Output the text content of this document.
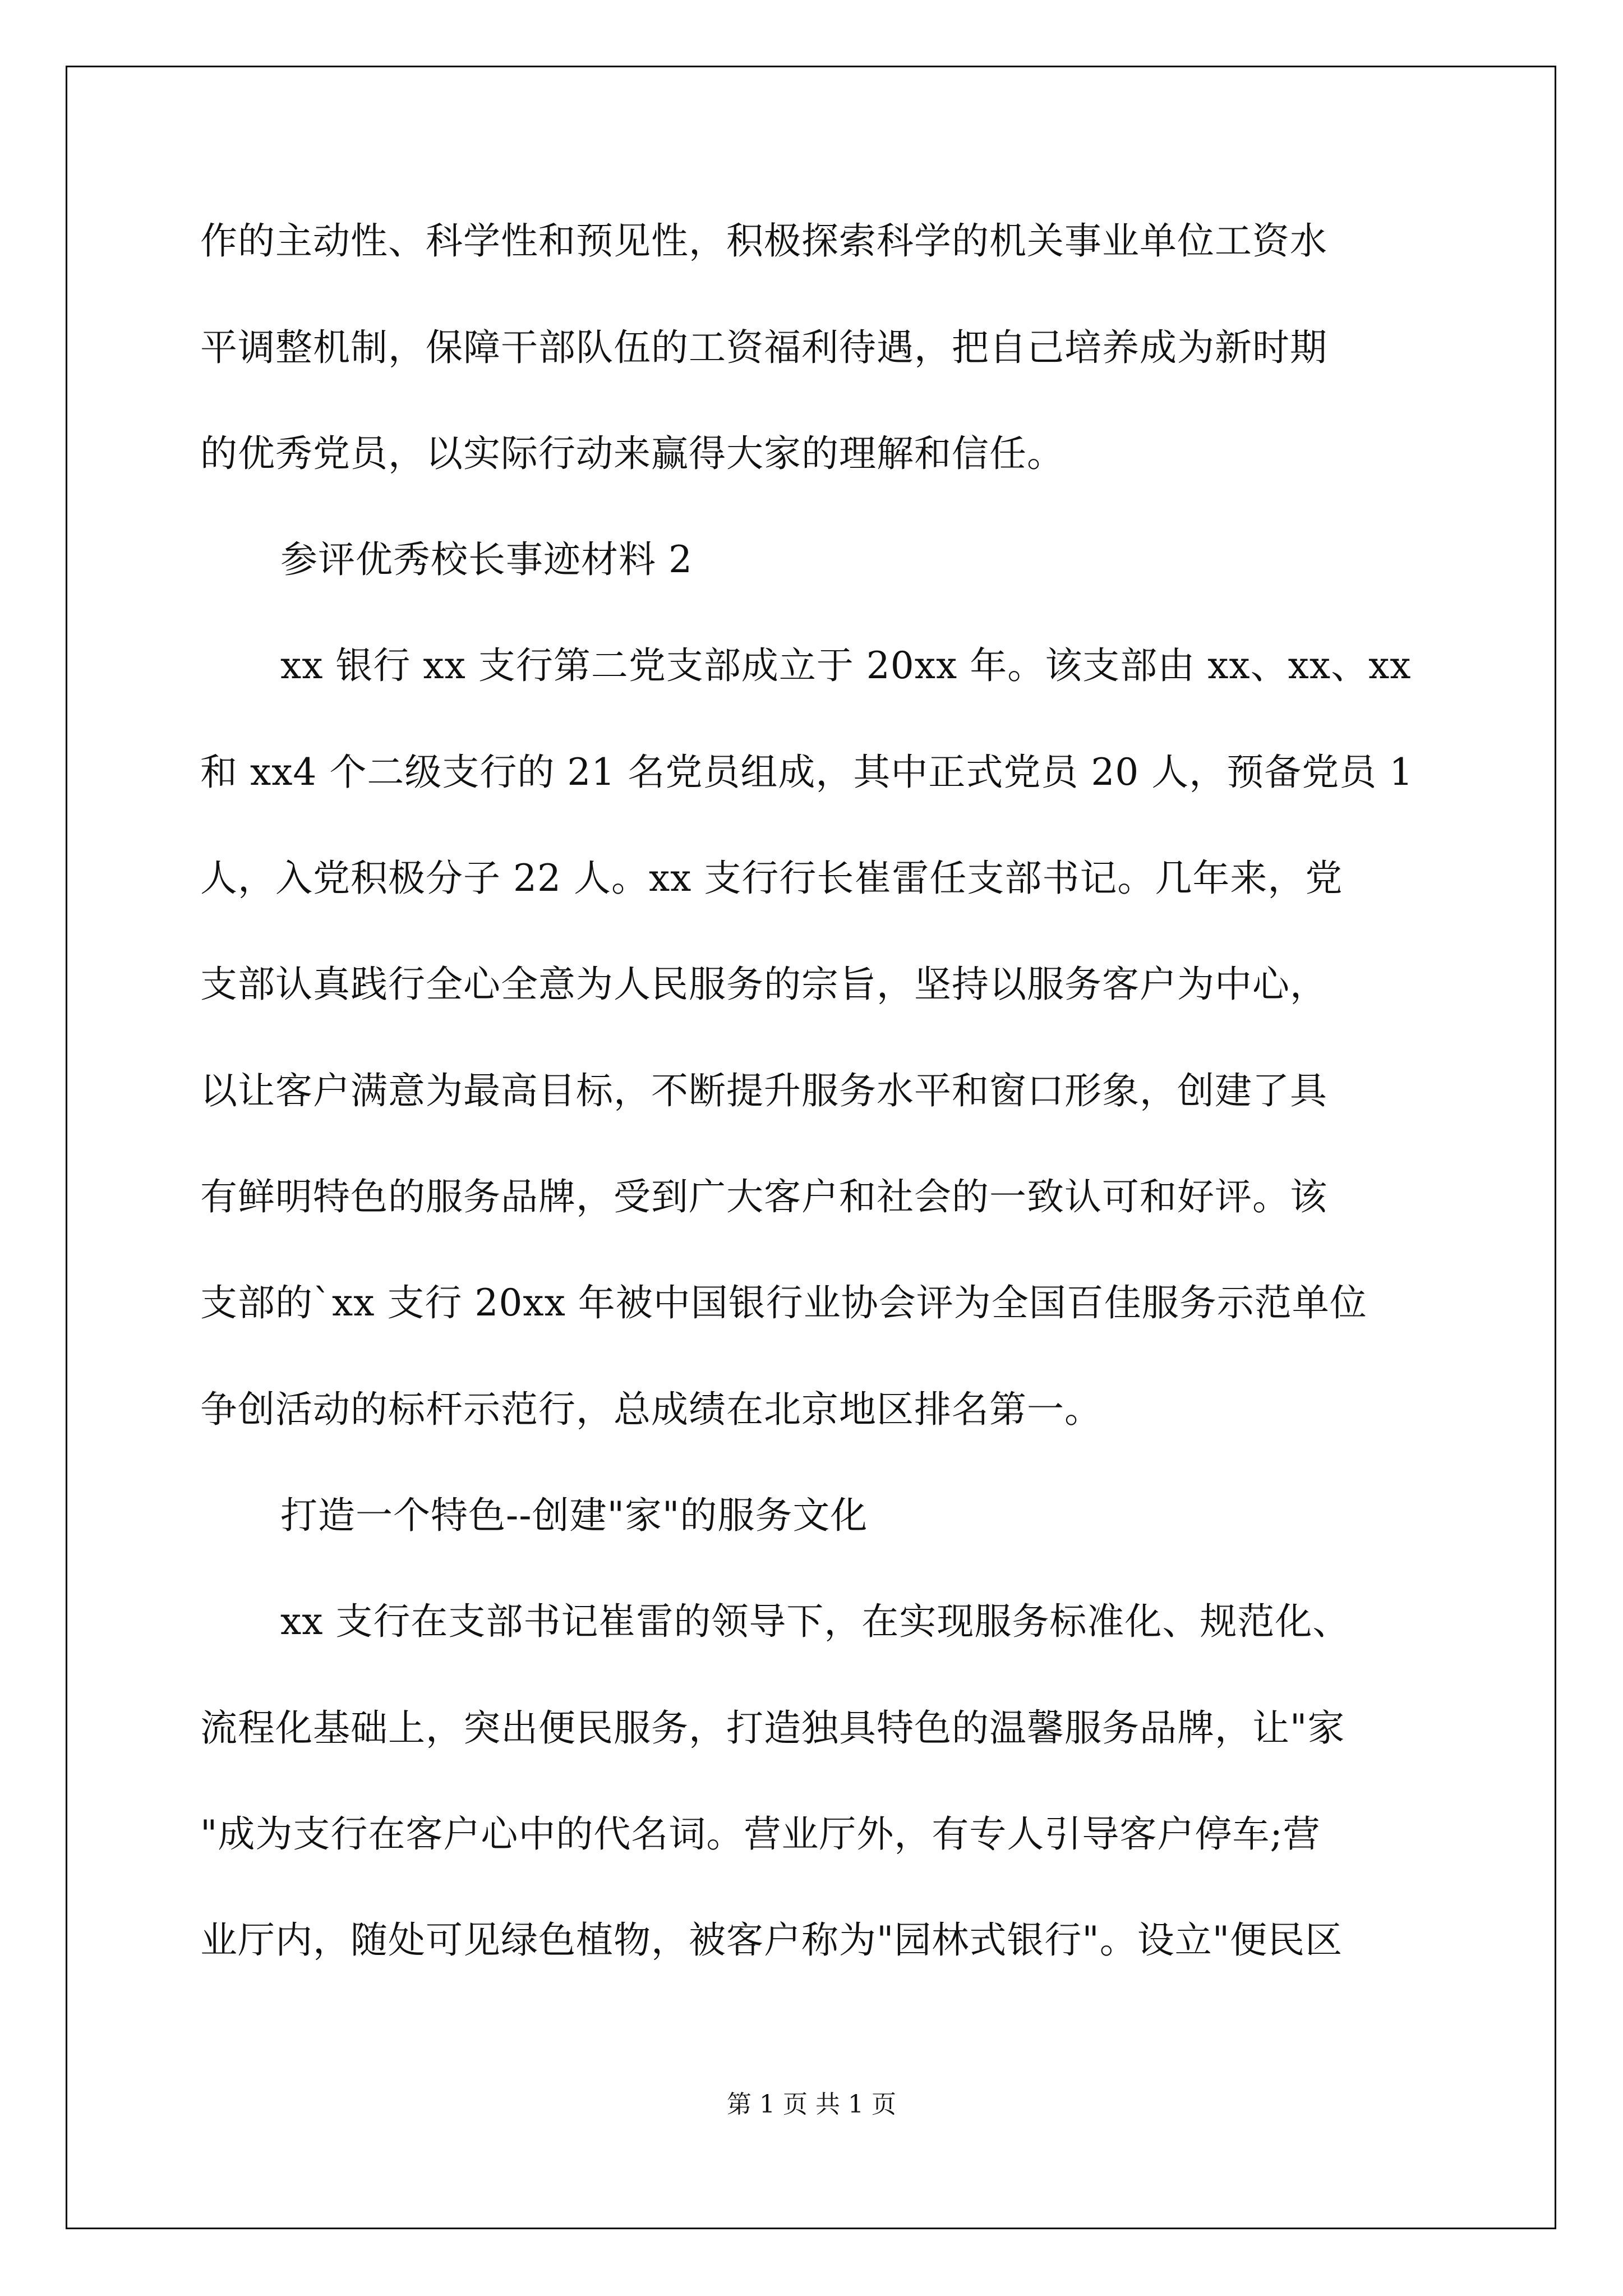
作的主动性、科学性和预见性，积极探索科学的机关事业单位工资水
平调整机制，保障干部队伍的工资福利待遇，把自己培养成为新时期
的优秀党员，以实际行动来赢得大家的理解和信任。
参评优秀校长事迹材料 2
xx 银行 xx 支行第二党支部成立于 20xx 年。该支部由 xx、xx、xx
和 xx4 个二级支行的 21 名党员组成，其中正式党员 20 人，预备党员 1
人，入党积极分子 22 人。xx 支行行长崔雷任支部书记。几年来，党
支部认真践行全心全意为人民服务的宗旨，坚持以服务客户为中心，
以让客户满意为最高目标，不断提升服务水平和窗口形象，创建了具
有鲜明特色的服务品牌，受到广大客户和社会的一致认可和好评。该
支部的`xx 支行 20xx 年被中国银行业协会评为全国百佳服务示范单位
争创活动的标杆示范行，总成绩在北京地区排名第一。
打造一个特色--创建"家"的服务文化
xx 支行在支部书记崔雷的领导下，在实现服务标准化、规范化、
流程化基础上，突出便民服务，打造独具特色的温馨服务品牌，让"家
"成为支行在客户心中的代名词。营业厅外，有专人引导客户停车;营
业厅内，随处可见绿色植物，被客户称为"园林式银行"。设立"便民区
第 1 页 共 1 页
